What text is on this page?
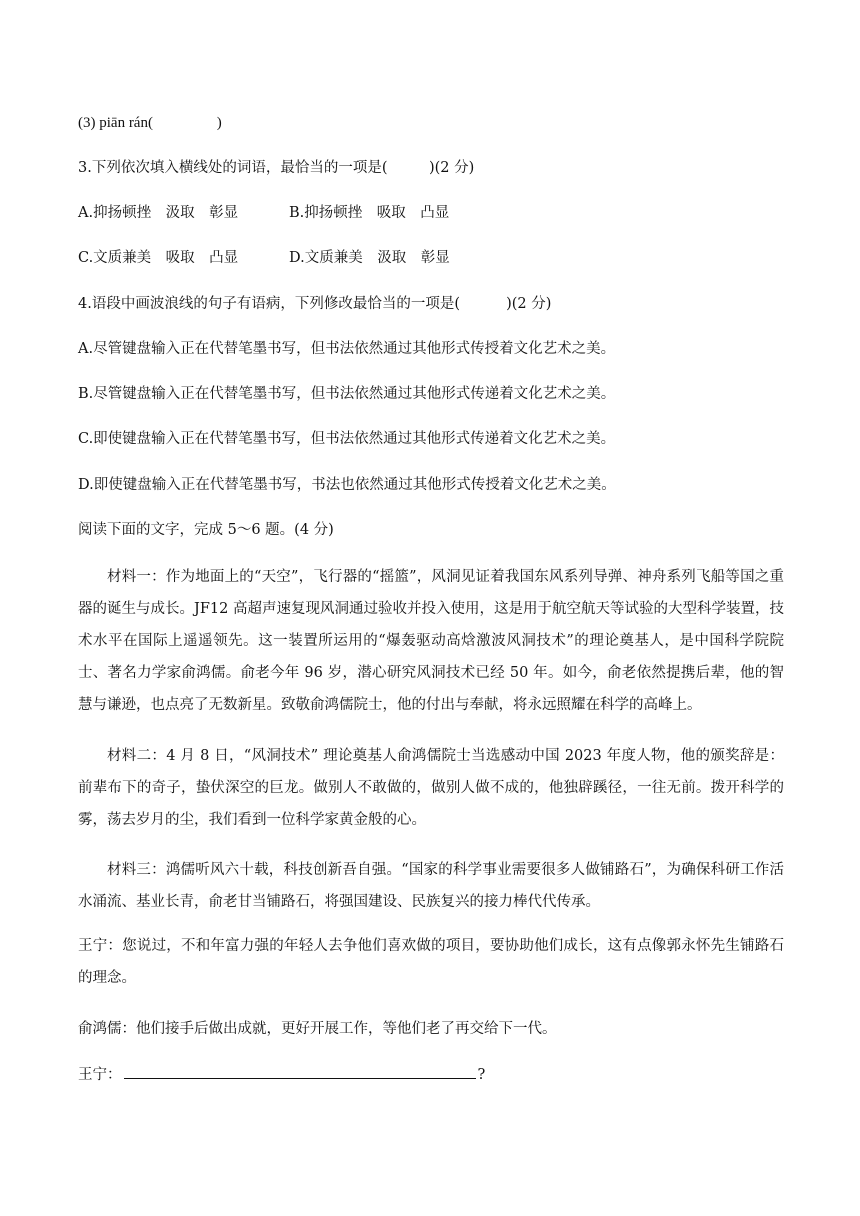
(3) piān rán(                 )
3.下列依次填入横线处的词语，最恰当的一项是(         )(2 分)
A.抑扬顿挫　汲取　彰显	B.抑扬顿挫　吸取　凸显
C.文质兼美　吸取　凸显	D.文质兼美　汲取　彰显
4.语段中画波浪线的句子有语病，下列修改最恰当的一项是(          )(2 分)
A.尽管键盘输入正在代替笔墨书写，但书法依然通过其他形式传授着文化艺术之美。
B.尽管键盘输入正在代替笔墨书写，但书法依然通过其他形式传递着文化艺术之美。
C.即使键盘输入正在代替笔墨书写，但书法依然通过其他形式传递着文化艺术之美。
D.即使键盘输入正在代替笔墨书写，书法也依然通过其他形式传授着文化艺术之美。
阅读下面的文字，完成 5～6 题。(4 分)

材料一：作为地面上的“天空”，飞行器的“摇篮”，风洞见证着我国东风系列导弹、神舟系列飞船等国之重器的诞生与成长。JF12 高超声速复现风洞通过验收并投入使用，这是用于航空航天等试验的大型科学装置，技术水平在国际上遥遥领先。这一装置所运用的“爆轰驱动高焓激波风洞技术”的理论奠基人，是中国科学院院士、著名力学家俞鸿儒。俞老今年 96 岁，潜心研究风洞技术已经 50 年。如今，俞老依然提携后辈，他的智慧与谦逊，也点亮了无数新星。致敬俞鸿儒院士，他的付出与奉献，将永远照耀在科学的高峰上。

材料二：4 月 8 日，“风洞技术” 理论奠基人俞鸿儒院士当选感动中国 2023 年度人物，他的颁奖辞是：前辈布下的奇子，蛰伏深空的巨龙。做别人不敢做的，做别人做不成的，他独辟蹊径，一往无前。拨开科学的雾，荡去岁月的尘，我们看到一位科学家黄金般的心。

材料三：鸿儒听风六十载，科技创新吾自强。“国家的科学事业需要很多人做铺路石”，为确保科研工作活水涌流、基业长青，俞老甘当铺路石，将强国建设、民族复兴的接力棒代代传承。

王宁：您说过，不和年富力强的年轻人去争他们喜欢做的项目，要协助他们成长，这有点像郭永怀先生铺路石的理念。

俞鸿儒：他们接手后做出成就，更好开展工作，等他们老了再交给下一代。
王宁：	?
